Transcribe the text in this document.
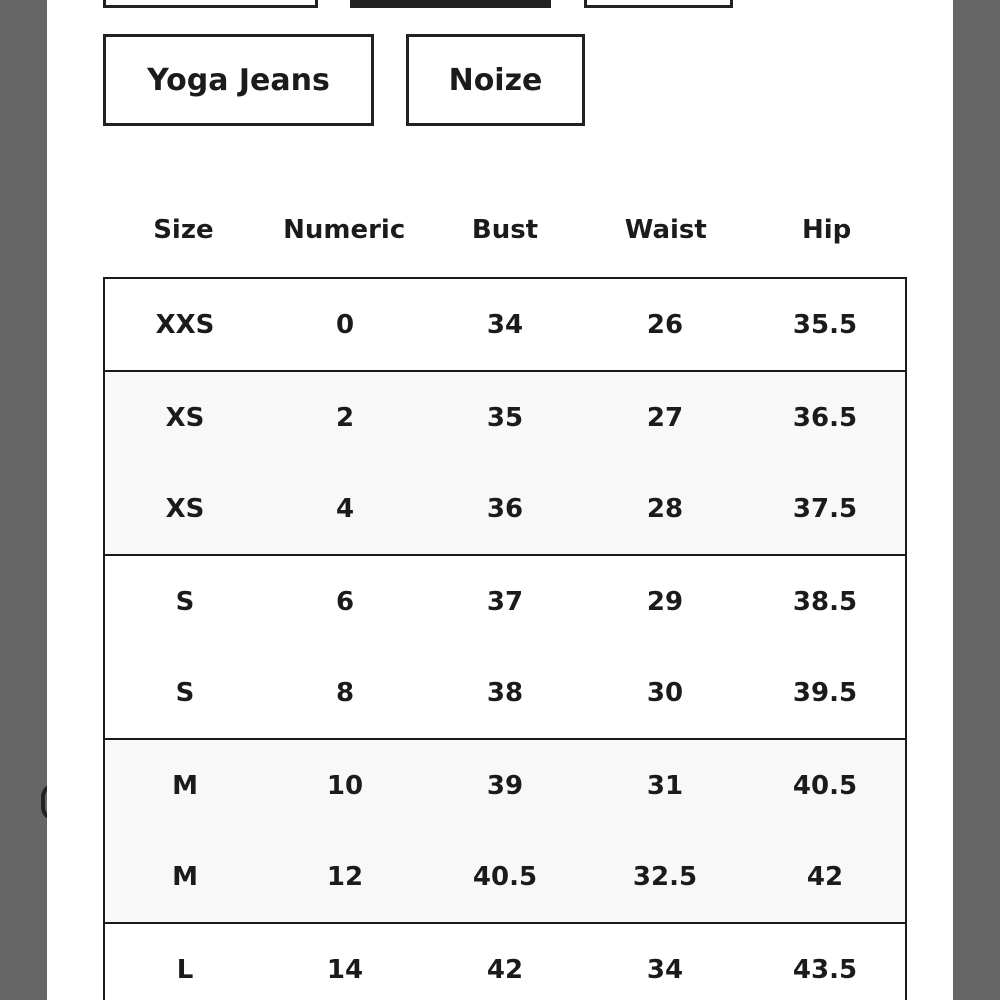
Yoga Jeans	Noize
Size	Numeric	Bust	Waist	Hip
XXS	0	34	26	35.5
XS	2	35	27	36.5
XS	4	36	28	37.5
S	6	37	29	38.5
S	8	38	30	39.5
M	10	39	31	40.5
M	12	40.5	32.5	42
L	14	42	34	43.5
